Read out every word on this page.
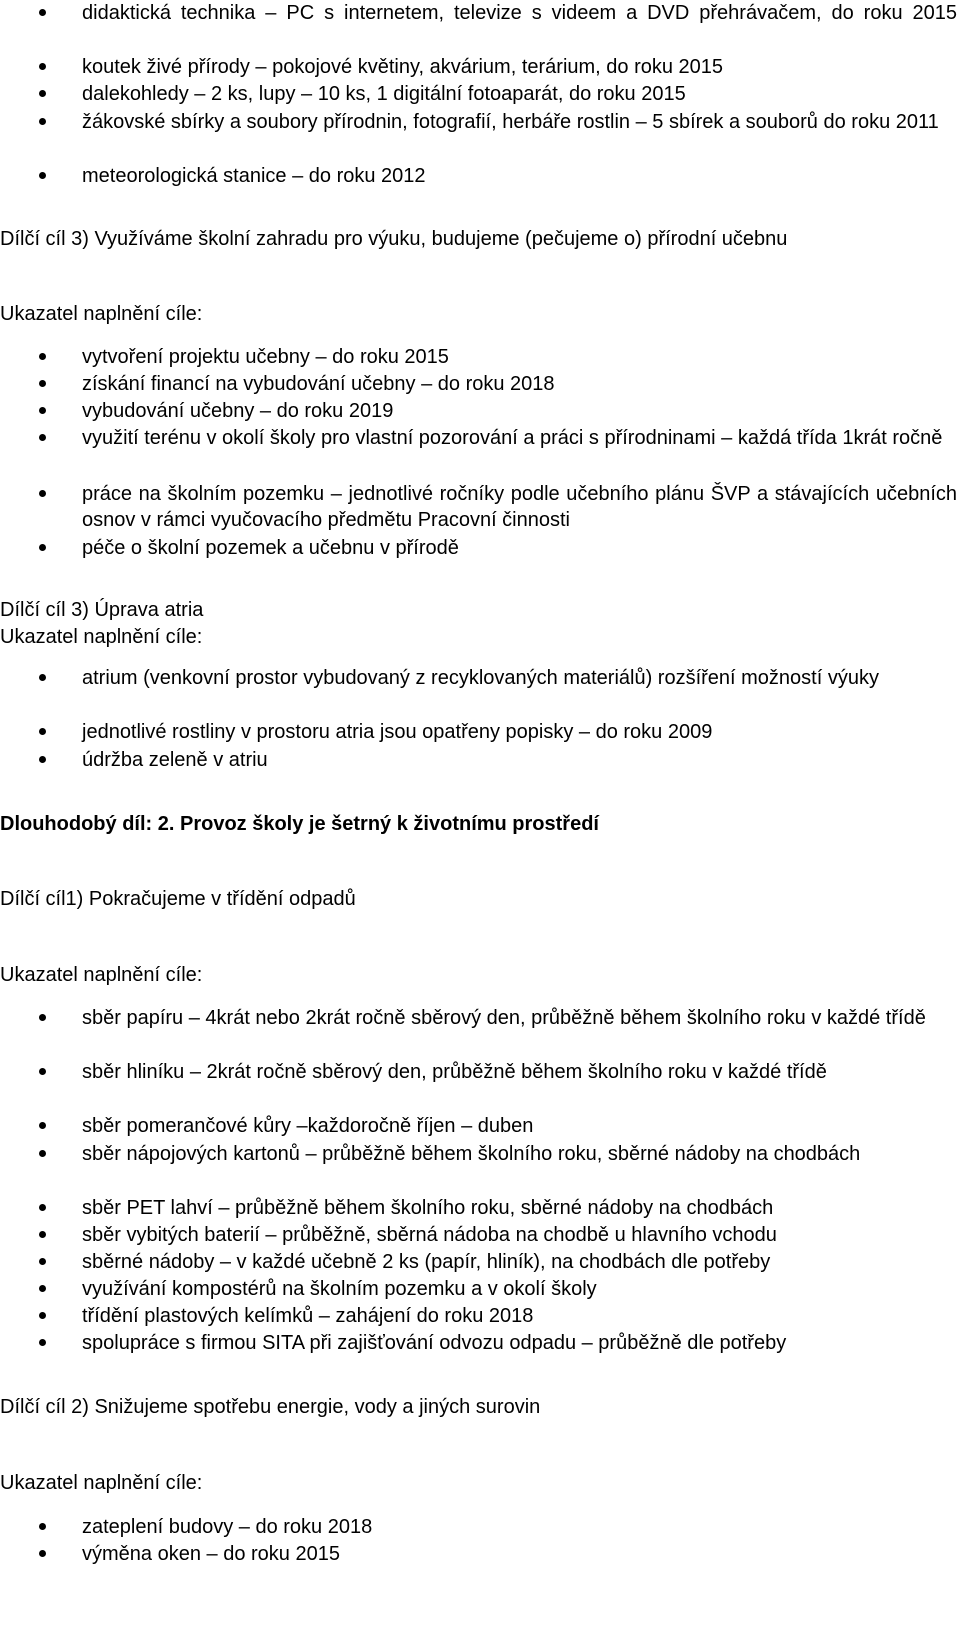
didaktická technika – PC s internetem, televize s videem a DVD přehrávačem, do roku 2015
koutek živé přírody – pokojové květiny, akvárium, terárium, do roku 2015
dalekohledy – 2 ks, lupy – 10 ks, 1 digitální fotoaparát, do roku 2015
žákovské sbírky a soubory přírodnin, fotografií, herbáře rostlin – 5 sbírek a souborů do roku 2011
meteorologická stanice – do roku 2012
Dílčí cíl 3) Využíváme školní zahradu pro výuku, budujeme (pečujeme o) přírodní učebnu
Ukazatel naplnění cíle:
vytvoření projektu učebny – do roku 2015
získání financí na vybudování učebny – do roku 2018
vybudování učebny – do roku 2019
využití terénu v okolí školy pro vlastní pozorování a práci s přírodninami – každá třída 1krát ročně
práce na školním pozemku – jednotlivé ročníky podle učebního plánu ŠVP a stávajících učebních osnov v rámci vyučovacího předmětu Pracovní činnosti
péče o školní pozemek a učebnu v přírodě
Dílčí cíl 3) Úprava atria
Ukazatel naplnění cíle:
atrium (venkovní prostor vybudovaný z recyklovaných materiálů) rozšíření možností výuky
jednotlivé rostliny v prostoru atria jsou opatřeny popisky – do roku 2009
údržba zeleně v atriu
Dlouhodobý díl: 2. Provoz školy je šetrný k životnímu prostředí
Dílčí cíl1) Pokračujeme v třídění odpadů
Ukazatel naplnění cíle:
sběr papíru – 4krát nebo 2krát ročně sběrový den, průběžně během školního roku v každé třídě
sběr hliníku – 2krát ročně sběrový den, průběžně během školního roku v každé třídě
sběr pomerančové kůry –každoročně říjen – duben
sběr nápojových kartonů – průběžně během školního roku, sběrné nádoby na chodbách
sběr PET lahví – průběžně během školního roku, sběrné nádoby na chodbách
sběr vybitých baterií – průběžně, sběrná nádoba na chodbě u hlavního vchodu
sběrné nádoby – v každé učebně 2 ks (papír, hliník), na chodbách dle potřeby
využívání kompostérů na školním pozemku a v okolí školy
třídění plastových kelímků – zahájení do roku 2018
spolupráce s firmou SITA při zajišťování odvozu odpadu – průběžně dle potřeby
Dílčí cíl 2) Snižujeme spotřebu energie, vody a jiných surovin
Ukazatel naplnění cíle:
zateplení budovy – do roku 2018
výměna oken – do roku 2015
